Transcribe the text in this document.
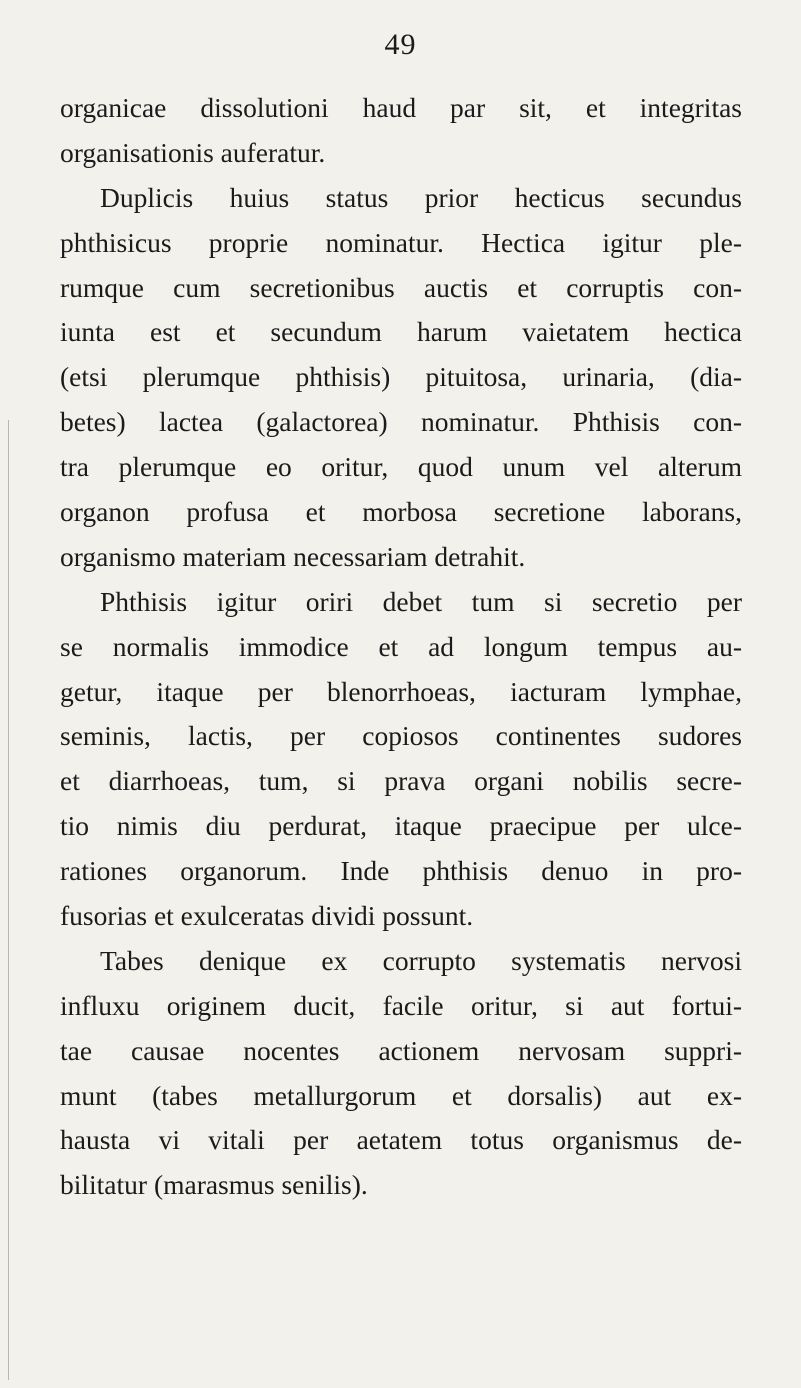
49
organicae dissolutioni haud par sit, et integritas
organisationis auferatur.
Duplicis huius status prior hecticus secundus
phthisicus proprie nominatur. Hectica igitur ple-
rumque cum secretionibus auctis et corruptis con-
iunta est et secundum harum vaietatem hectica
(etsi plerumque phthisis) pituitosa, urinaria, (dia-
betes) lactea (galactorea) nominatur. Phthisis con-
tra plerumque eo oritur, quod unum vel alterum
organon profusa et morbosa secretione laborans,
organismo materiam necessariam detrahit.
Phthisis igitur oriri debet tum si secretio per
se normalis immodice et ad longum tempus au-
getur, itaque per blenorrhoeas, iacturam lymphae,
seminis, lactis, per copiosos continentes sudores
et diarrhoeas, tum, si prava organi nobilis secre-
tio nimis diu perdurat, itaque praecipue per ulce-
rationes organorum. Inde phthisis denuo in pro-
fusorias et exulceratas dividi possunt.
Tabes denique ex corrupto systematis nervosi
influxu originem ducit, facile oritur, si aut fortui-
tae causae nocentes actionem nervosam suppri-
munt (tabes metallurgorum et dorsalis) aut ex-
hausta vi vitali per aetatem totus organismus de-
bilitatur (marasmus senilis).
